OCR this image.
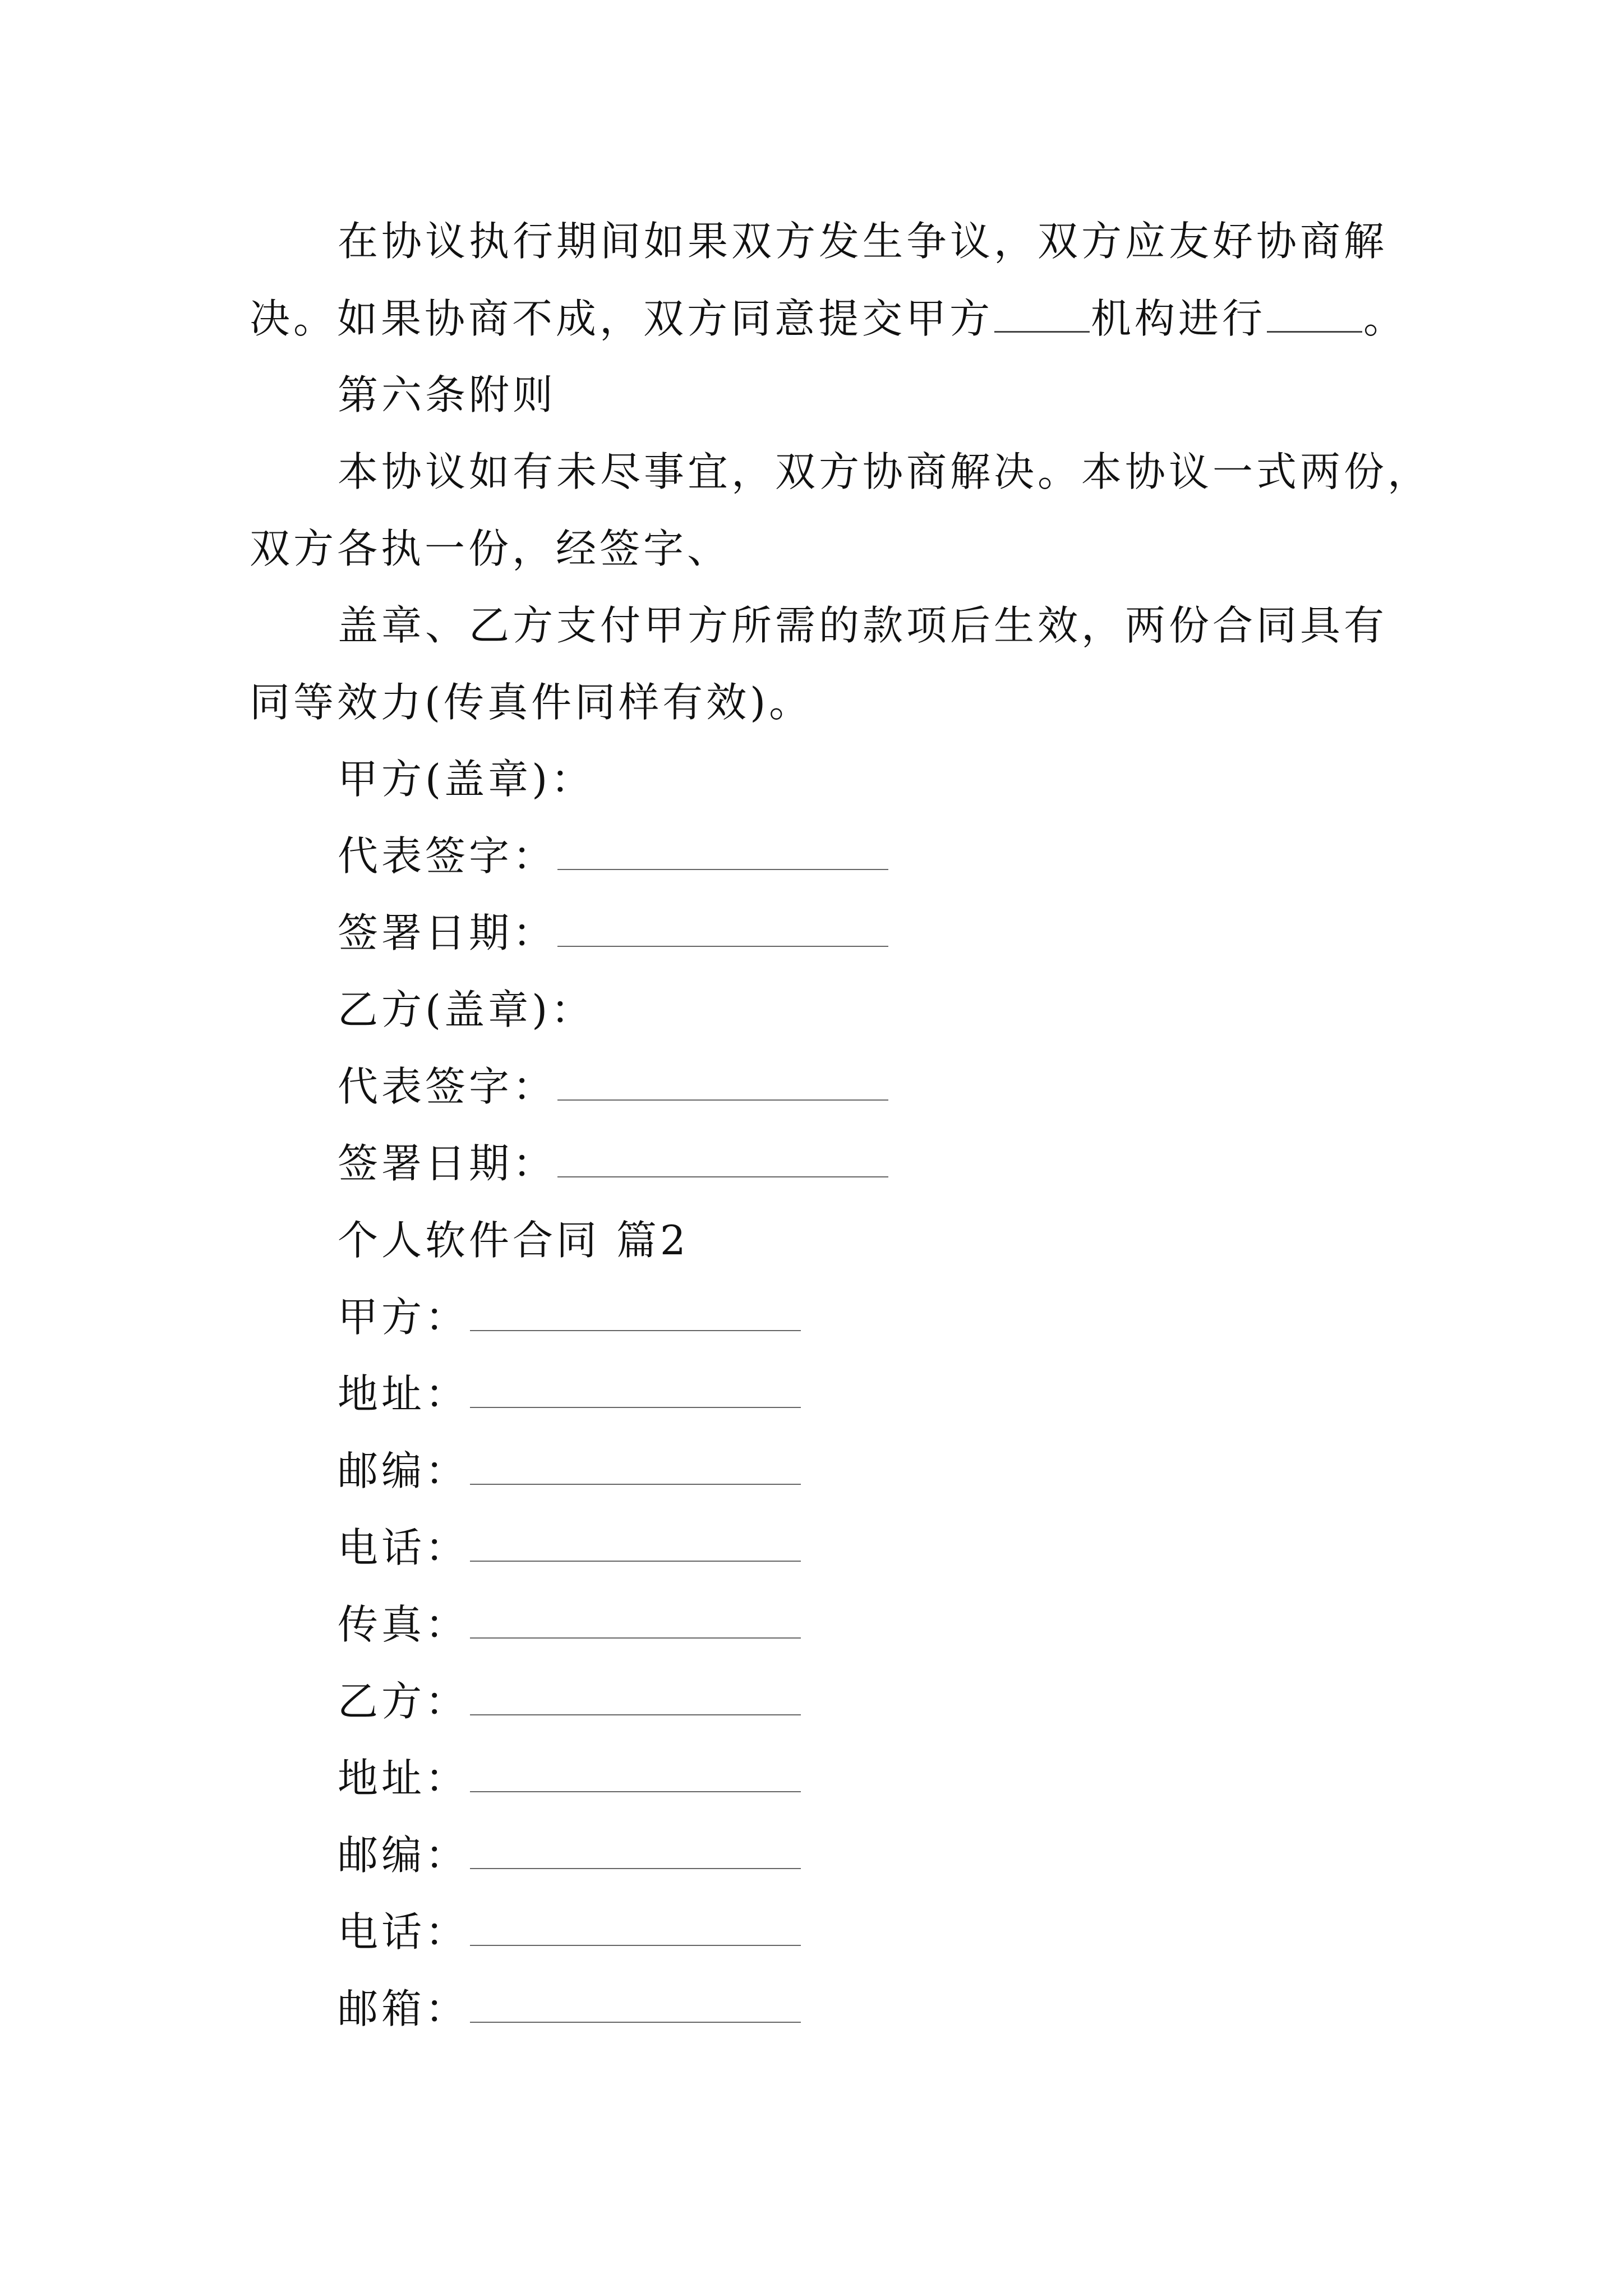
在协议执行期间如果双方发生争议，双方应友好协商解
决。如果协商不成，双方同意提交甲方 机构进行 。
第六条附则
本协议如有未尽事宜，双方协商解决。本协议一式两份，
双方各执一份，经签字、
盖章、乙方支付甲方所需的款项后生效，两份合同具有
同等效力(传真件同样有效)。
甲方(盖章)：
代表签字：
签署日期：
乙方(盖章)：
代表签字：
签署日期：
个人软件合同 篇2
甲方：
地址：
邮编：
电话：
传真：
乙方：
地址：
邮编：
电话：
邮箱：
